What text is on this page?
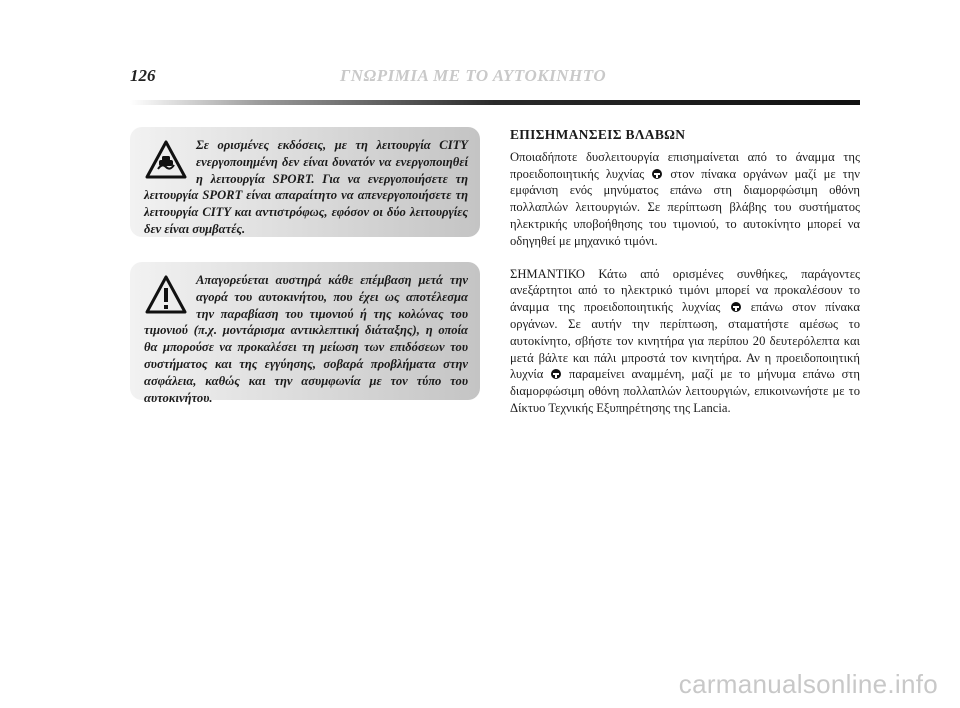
126	ΓΝΩΡΙΜΙΑ ΜΕ ΤΟ ΑΥΤΟΚΙΝΗΤΟ
Σε ορισμένες εκδόσεις, με τη λειτουργία CITY ενεργοποιημένη δεν είναι δυνατόν να ενεργοποιηθεί η λειτουργία SPORT. Για να ενεργοποιήσετε τη λειτουργία SPORT είναι απαραίτητο να απενεργοποιήσετε τη λειτουργία CITY και αντιστρόφως, εφόσον οι δύο λειτουργίες δεν είναι συμβατές.
Απαγορεύεται αυστηρά κάθε επέμβαση μετά την αγορά του αυτοκινήτου, που έχει ως αποτέλεσμα την παραβίαση του τιμονιού ή της κολώνας του τιμονιού (π.χ. μοντάρισμα αντικλεπτική διάταξης), η οποία θα μπορούσε να προκαλέσει τη μείωση των επιδόσεων του συστήματος και της εγγύησης, σοβαρά προβλήματα στην ασφάλεια, καθώς και την ασυμφωνία με τον τύπο του αυτοκινήτου.
ΕΠΙΣΗΜΑΝΣΕΙΣ ΒΛΑΒΩΝ

Οποιαδήποτε δυσλειτουργία επισημαίνεται από το άναμμα της προειδοποιητικής λυχνίας στον πίνακα οργάνων μαζί με την εμφάνιση ενός μηνύματος επάνω στη διαμορφώσιμη οθόνη πολλαπλών λειτουργιών. Σε περίπτωση βλάβης του συστήματος ηλεκτρικής υποβοήθησης του τιμονιού, το αυτοκίνητο μπορεί να οδηγηθεί με μηχανικό τιμόνι.

ΣΗΜΑΝΤΙΚΟ Κάτω από ορισμένες συνθήκες, παράγοντες ανεξάρτητοι από το ηλεκτρικό τιμόνι μπορεί να προκαλέσουν το άναμμα της προειδοποιητικής λυχνίας επάνω στον πίνακα οργάνων. Σε αυτήν την περίπτωση, σταματήστε αμέσως το αυτοκίνητο, σβήστε τον κινητήρα για περίπου 20 δευτερόλεπτα και μετά βάλτε και πάλι μπροστά τον κινητήρα. Αν η προειδοποιητική λυχνία παραμείνει αναμμένη, μαζί με το μήνυμα επάνω στη διαμορφώσιμη οθόνη πολλαπλών λειτουργιών, επικοινωνήστε με το Δίκτυο Τεχνικής Εξυπηρέτησης της Lancia.

carmanualsonline.info
